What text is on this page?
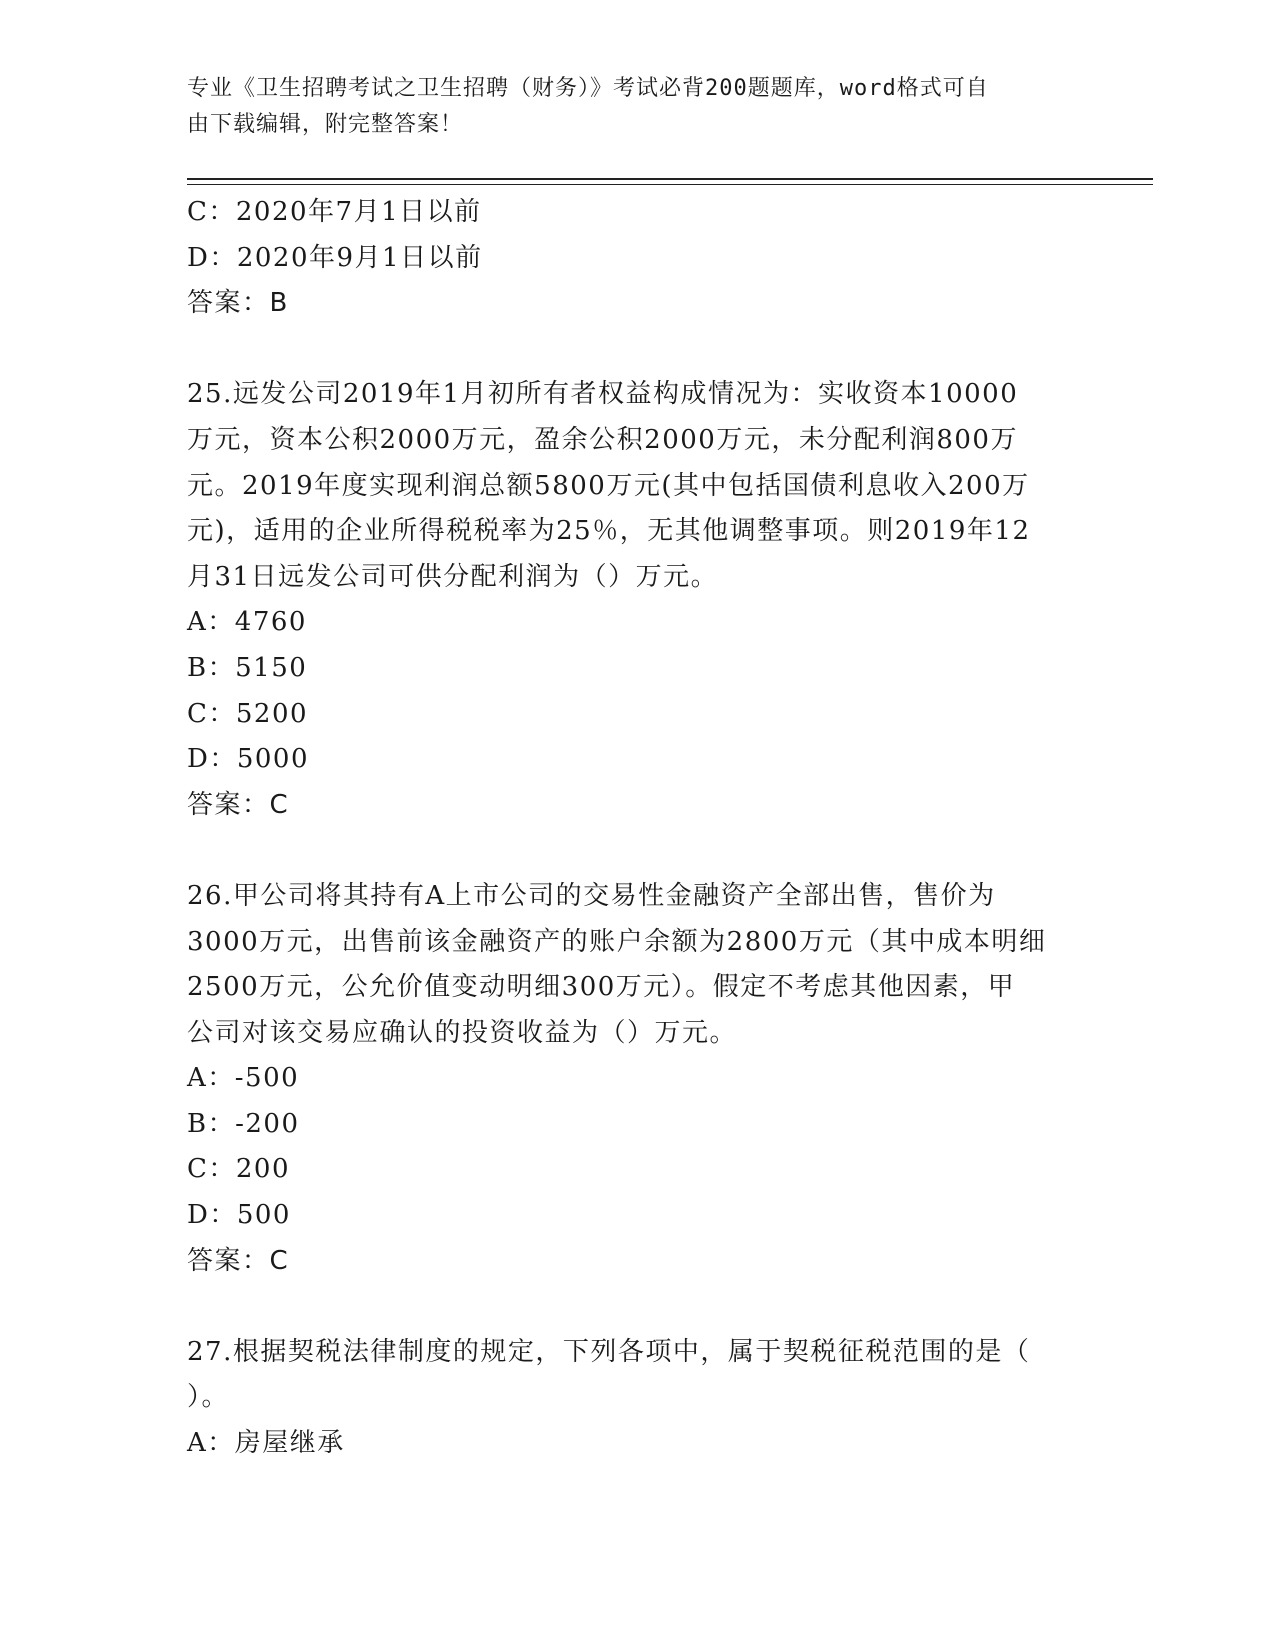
专业《卫生招聘考试之卫生招聘（财务）》考试必背200题题库，word格式可自
由下载编辑，附完整答案！
C：2020年7月1日以前
D：2020年9月1日以前
答案：B
25.远发公司2019年1月初所有者权益构成情况为：实收资本10000
万元，资本公积2000万元，盈余公积2000万元，未分配利润800万
元。2019年度实现利润总额5800万元(其中包括国债利息收入200万
元)，适用的企业所得税税率为25％，无其他调整事项。则2019年12
月31日远发公司可供分配利润为（）万元。
A：4760
B：5150
C：5200
D：5000
答案：C
26.甲公司将其持有A上市公司的交易性金融资产全部出售，售价为
3000万元，出售前该金融资产的账户余额为2800万元（其中成本明细
2500万元，公允价值变动明细300万元）。假定不考虑其他因素，甲
公司对该交易应确认的投资收益为（）万元。
A：-500
B：-200
C：200
D：500
答案：C
27.根据契税法律制度的规定，下列各项中，属于契税征税范围的是（
）。
A：房屋继承
